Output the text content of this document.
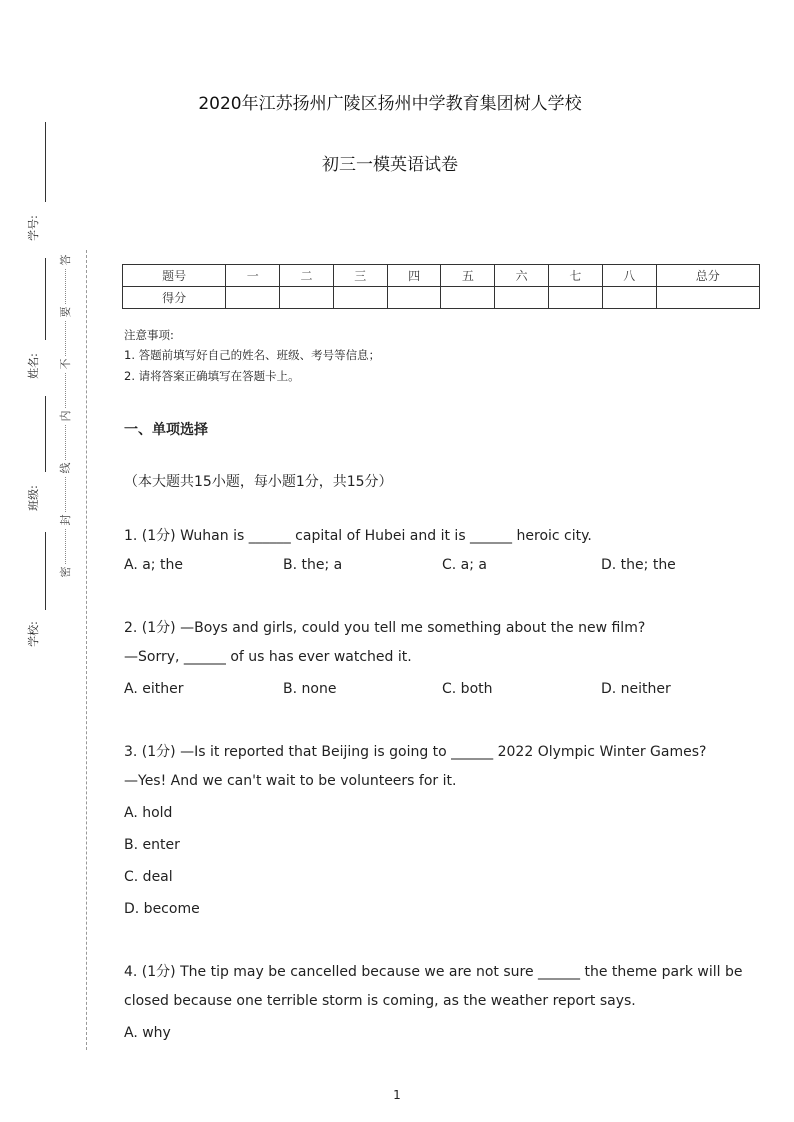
学号:
姓名:
班级:
学校:
答
要
不
内
线
封
密
2020年江苏扬州广陵区扬州中学教育集团树人学校
初三一模英语试卷
题号	一	二	三	四	五	六	七	八	总分
得分									
注意事项:
1. 答题前填写好自己的姓名、班级、考号等信息；
2. 请将答案正确填写在答题卡上。
一、单项选择
（本大题共15小题，每小题1分，共15分）
1. (1分) Wuhan is ______ capital of Hubei and it is ______ heroic city.
A. a; the	B. the; a	C. a; a	D. the; the
2. (1分) —Boys and girls, could you tell me something about the new film?
—Sorry, ______ of us has ever watched it.
A. either	B. none	C. both	D. neither
3. (1分) —Is it reported that Beijing is going to ______ 2022 Olympic Winter Games?
—Yes! And we can't wait to be volunteers for it.
A. hold
B. enter
C. deal
D. become
4. (1分) The tip may be cancelled because we are not sure ______ the theme park will be
closed because one terrible storm is coming, as the weather report says.
A. why
1
